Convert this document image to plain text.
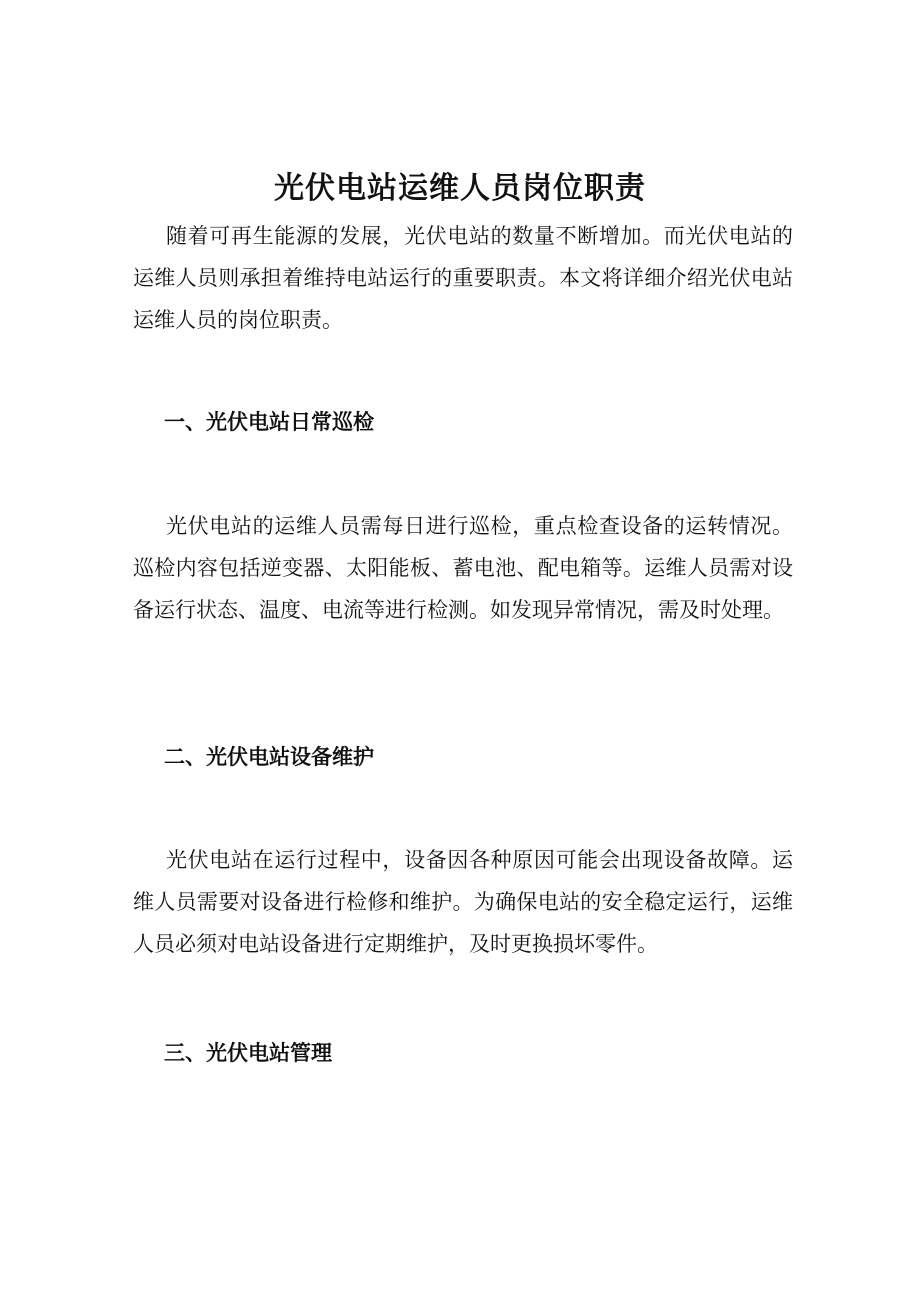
光伏电站运维人员岗位职责

随着可再生能源的发展，光伏电站的数量不断增加。而光伏电站的运维人员则承担着维持电站运行的重要职责。本文将详细介绍光伏电站运维人员的岗位职责。

一、光伏电站日常巡检

光伏电站的运维人员需每日进行巡检，重点检查设备的运转情况。巡检内容包括逆变器、太阳能板、蓄电池、配电箱等。运维人员需对设备运行状态、温度、电流等进行检测。如发现异常情况，需及时处理。

二、光伏电站设备维护

光伏电站在运行过程中，设备因各种原因可能会出现设备故障。运维人员需要对设备进行检修和维护。为确保电站的安全稳定运行，运维人员必须对电站设备进行定期维护，及时更换损坏零件。

三、光伏电站管理
